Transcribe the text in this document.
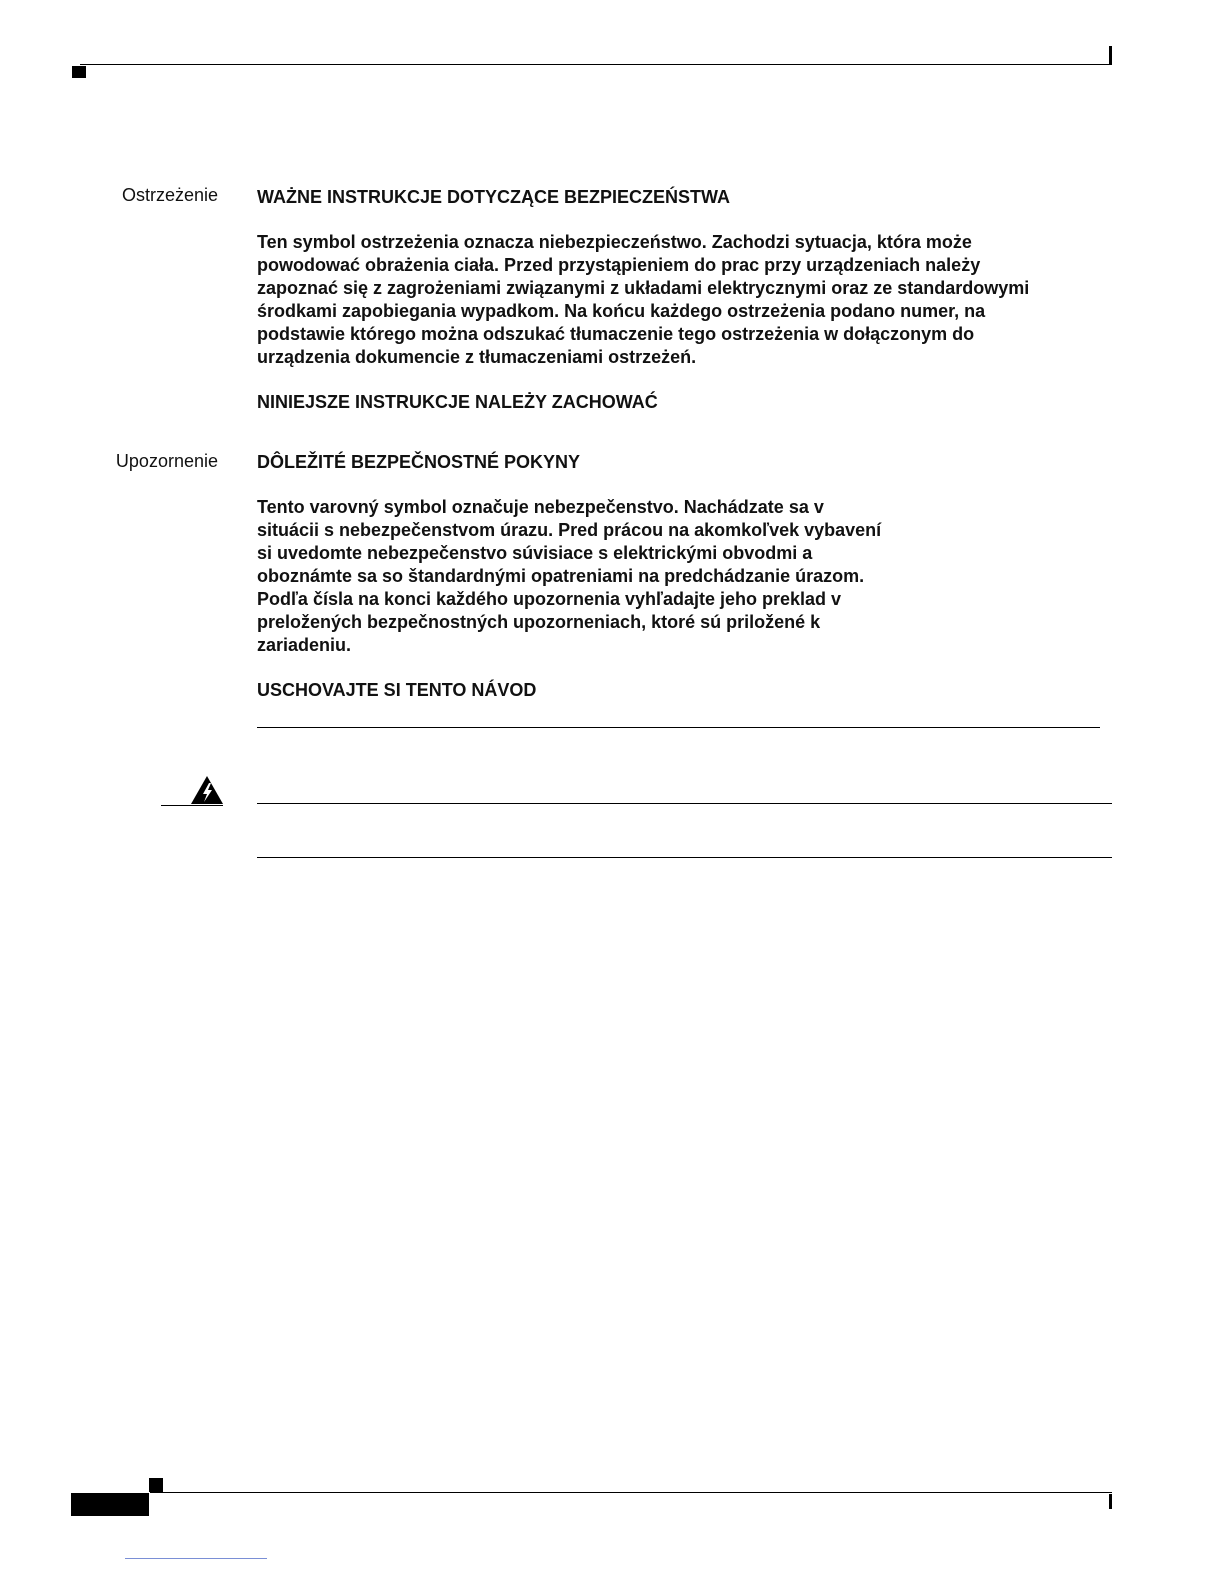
Ostrzeżenie WAŻNE INSTRUKCJE DOTYCZĄCE BEZPIECZEŃSTWA

Ten symbol ostrzeżenia oznacza niebezpieczeństwo. Zachodzi sytuacja, która może
powodować obrażenia ciała. Przed przystąpieniem do prac przy urządzeniach należy
zapoznać się z zagrożeniami związanymi z układami elektrycznymi oraz ze standardowymi
środkami zapobiegania wypadkom. Na końcu każdego ostrzeżenia podano numer, na
podstawie którego można odszukać tłumaczenie tego ostrzeżenia w dołączonym do
urządzenia dokumencie z tłumaczeniami ostrzeżeń.

NINIEJSZE INSTRUKCJE NALEŻY ZACHOWAĆ

Upozornenie DÔLEŽITÉ BEZPEČNOSTNÉ POKYNY

Tento varovný symbol označuje nebezpečenstvo. Nachádzate sa v
situácii s nebezpečenstvom úrazu. Pred prácou na akomkoľvek vybavení
si uvedomte nebezpečenstvo súvisiace s elektrickými obvodmi a
oboznámte sa so štandardnými opatreniami na predchádzanie úrazom.
Podľa čísla na konci každého upozornenia vyhľadajte jeho preklad v
preložených bezpečnostných upozorneniach, ktoré sú priložené k
zariadeniu.

USCHOVAJTE SI TENTO NÁVOD
